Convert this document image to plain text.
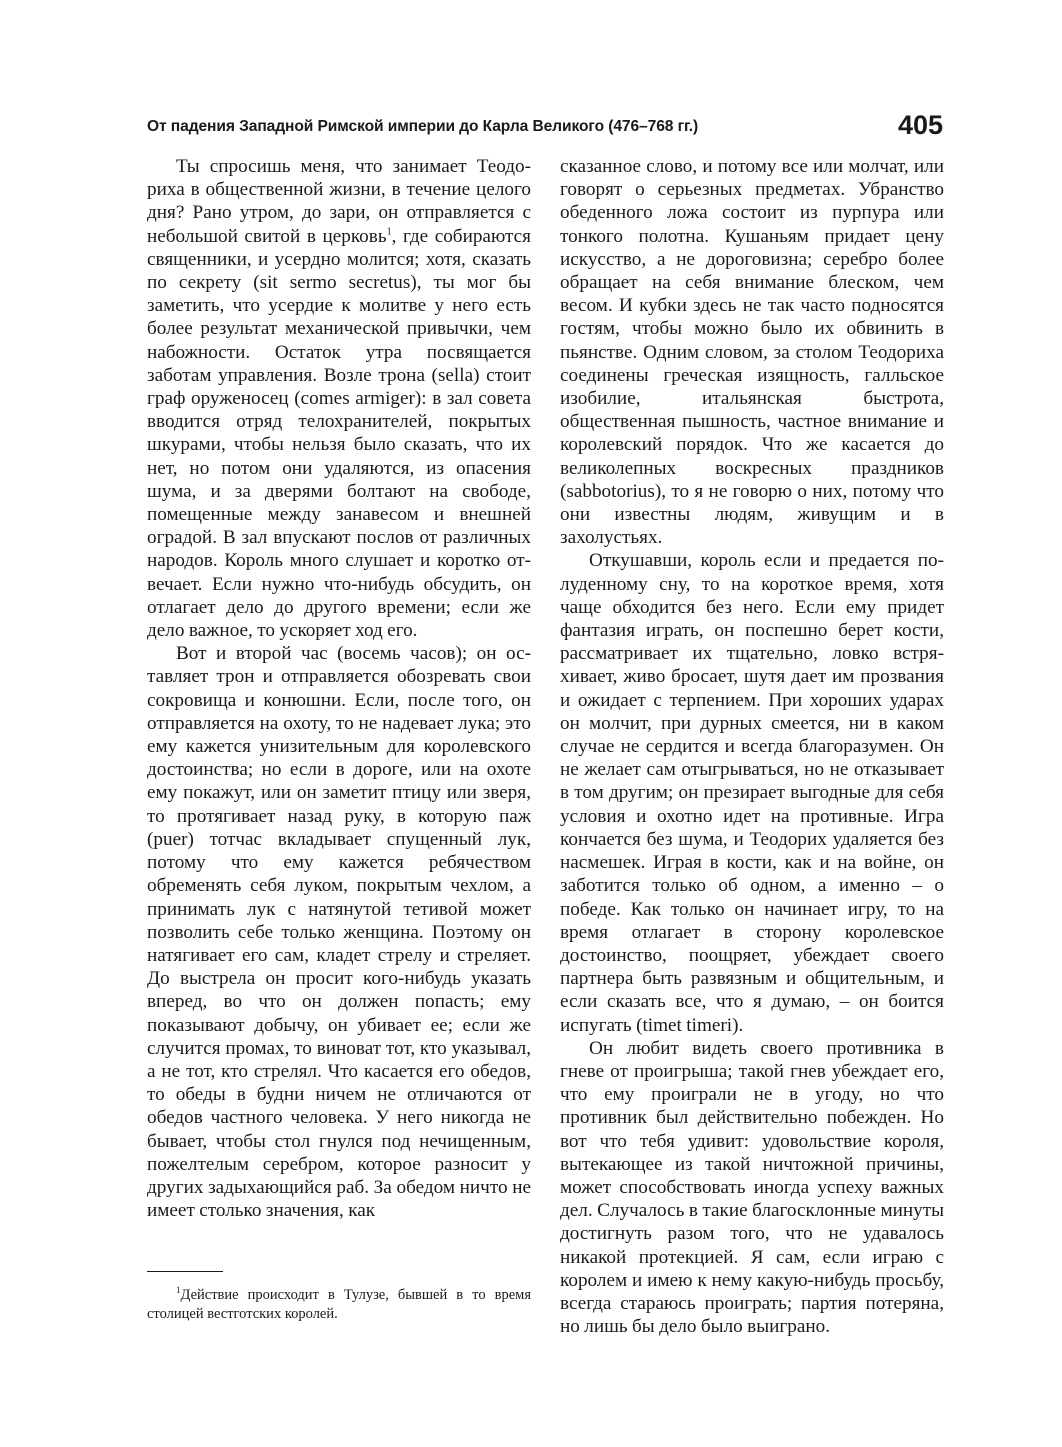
От падения Западной Римской империи до Карла Великого (476–768 гг.)	405

Ты спросишь меня, что занимает Теодориха в общественной жизни, в течение целого дня? Рано утром, до зари, он отправляется с небольшой свитой в церковь$^1$, где собираются священники, и усердно молится; хотя, сказать по секрету (sit sermo secretus), ты мог бы заметить, что усердие к молитве у него есть более результат механической привычки, чем набожности. Остаток утра посвящается заботам управления. Возле трона (sella) стоит граф оруженосец (comes armiger): в зал совета вводится отряд телохранителей, покрытых шкурами, чтобы нельзя было сказать, что их нет, но потом они удаляются, из опасения шума, и за дверями болтают на свободе, помещенные между занавесом и внешней оградой. В зал впускают послов от различных народов. Король много слушает и коротко отвечает. Если нужно что-нибудь обсудить, он отлагает дело до другого времени; если же дело важное, то ускоряет ход его.

Вот и второй час (восемь часов); он оставляет трон и отправляется обозревать свои сокровища и конюшни. Если, после того, он отправляется на охоту, то не надевает лука; это ему кажется унизительным для королевского достоинства; но если в дороге, или на охоте ему покажут, или он заметит птицу или зверя, то протягивает назад руку, в которую паж (puer) тотчас вкладывает спущенный лук, потому что ему кажется ребячеством обременять себя луком, покрытым чехлом, а принимать лук с натянутой тетивой может позволить себе только женщина. Поэтому он натягивает его сам, кладет стрелу и стреляет. До выстрела он просит кого-нибудь указать вперед, во что он должен попасть; ему показывают добычу, он убивает ее; если же случится промах, то виноват тот, кто указывал, а не тот, кто стрелял. Что касается его обедов, то обеды в будни ничем не отличаются от обедов частного человека. У него никогда не бывает, чтобы стол гнулся под нечищенным, пожелтелым серебром, которое разносит у других задыхающийся раб. За обедом ничто не имеет столько значения, как

сказанное слово, и потому все или молчат, или говорят о серьезных предметах. Убранство обеденного ложа состоит из пурпура или тонкого полотна. Кушаньям придает цену искусство, а не дороговизна; серебро более обращает на себя внимание блеском, чем весом. И кубки здесь не так часто подносятся гостям, чтобы можно было их обвинить в пьянстве. Одним словом, за столом Теодориха соединены греческая изящность, галльское изобилие, итальянская быстрота, общественная пышность, частное внимание и королевский порядок. Что же касается до великолепных воскресных праздников (sabbotorius), то я не говорю о них, потому что они известны людям, живущим и в захолустьях.

Откушавши, король если и предается полуденному сну, то на короткое время, хотя чаще обходится без него. Если ему придет фантазия играть, он поспешно берет кости, рассматривает их тщательно, ловко встряхивает, живо бросает, шутя дает им прозвания и ожидает с терпением. При хороших ударах он молчит, при дурных смеется, ни в каком случае не сердится и всегда благоразумен. Он не желает сам отыгрываться, но не отказывает в том другим; он презирает выгодные для себя условия и охотно идет на противные. Игра кончается без шума, и Теодорих удаляется без насмешек. Играя в кости, как и на войне, он заботится только об одном, а именно – о победе. Как только он начинает игру, то на время отлагает в сторону королевское достоинство, поощряет, убеждает своего партнера быть развязным и общительным, и если сказать все, что я думаю, – он боится испугать (timet timeri).

Он любит видеть своего противника в гневе от проигрыша; такой гнев убеждает его, что ему проиграли не в угоду, но что противник был действительно побежден. Но вот что тебя удивит: удовольствие короля, вытекающее из такой ничтожной причины, может способствовать иногда успеху важных дел. Случалось в такие благосклонные минуты достигнуть разом того, что не удавалось никакой протекцией. Я сам, если играю с королем и имею к нему какую-нибудь просьбу, всегда стараюсь проиграть; партия потеряна, но лишь бы дело было выиграно.

$^1$Действие происходит в Тулузе, бывшей в то время столицей вестготских королей.
